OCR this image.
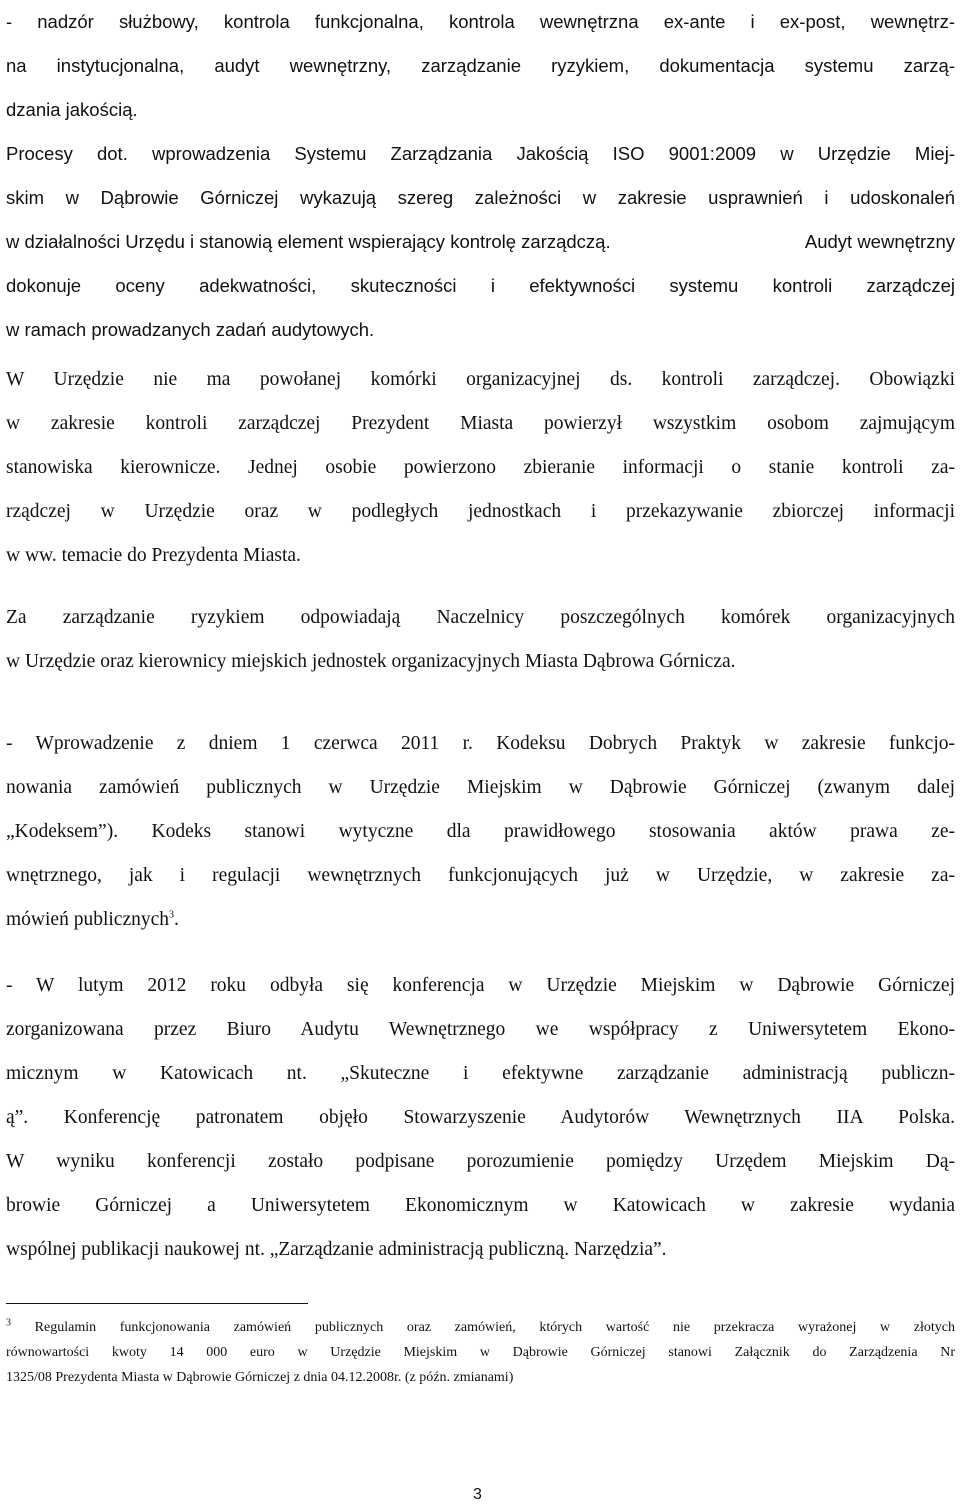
- nadzór służbowy, kontrola funkcjonalna, kontrola wewnętrzna ex-ante i ex-post, wewnętrz-
na instytucjonalna, audyt wewnętrzny, zarządzanie ryzykiem, dokumentacja systemu zarzą-
dzania jakością.
Procesy dot. wprowadzenia Systemu Zarządzania Jakością ISO 9001:2009 w Urzędzie Miej-
skim w Dąbrowie Górniczej wykazują szereg zależności w zakresie usprawnień i udoskonaleń
w działalności Urzędu i stanowią element wspierający kontrolę zarządczą.	Audyt wewnętrzny
dokonuje oceny adekwatności, skuteczności i efektywności systemu kontroli zarządczej
w ramach prowadzanych zadań audytowych.
W Urzędzie nie ma powołanej komórki organizacyjnej ds. kontroli zarządczej. Obowiązki
w zakresie kontroli zarządczej Prezydent Miasta powierzył wszystkim osobom zajmującym
stanowiska kierownicze. Jednej osobie powierzono zbieranie informacji o stanie kontroli za-
rządczej w Urzędzie oraz w podległych jednostkach i przekazywanie zbiorczej informacji
w ww. temacie do Prezydenta Miasta.
Za zarządzanie ryzykiem odpowiadają Naczelnicy poszczególnych komórek organizacyjnych
w Urzędzie oraz kierownicy miejskich jednostek organizacyjnych Miasta Dąbrowa Górnicza.
- Wprowadzenie z dniem 1 czerwca 2011 r. Kodeksu Dobrych Praktyk w zakresie funkcjo-
nowania zamówień publicznych w Urzędzie Miejskim w Dąbrowie Górniczej (zwanym dalej
„Kodeksem”). Kodeks stanowi wytyczne dla prawidłowego stosowania aktów prawa ze-
wnętrznego, jak i regulacji wewnętrznych funkcjonujących już w Urzędzie, w zakresie za-
mówień publicznych$^3$.
- W lutym 2012 roku odbyła się konferencja w Urzędzie Miejskim w Dąbrowie Górniczej
zorganizowana przez Biuro Audytu Wewnętrznego we współpracy z Uniwersytetem Ekono-
micznym w Katowicach nt. „Skuteczne i efektywne zarządzanie administracją publiczn-
ą”. Konferencję patronatem objęło Stowarzyszenie Audytorów Wewnętrznych IIA Polska.
W wyniku konferencji zostało podpisane porozumienie pomiędzy Urzędem Miejskim Dą-
browie Górniczej a Uniwersytetem Ekonomicznym w Katowicach w zakresie wydania
wspólnej publikacji naukowej nt. „Zarządzanie administracją publiczną. Narzędzia”.
$^3$ Regulamin funkcjonowania zamówień publicznych oraz zamówień, których wartość nie przekracza wyrażonej w złotych
równowartości kwoty 14 000 euro w Urzędzie Miejskim w Dąbrowie Górniczej stanowi Załącznik do Zarządzenia Nr
1325/08 Prezydenta Miasta w Dąbrowie Górniczej z dnia 04.12.2008r. (z późn. zmianami)
3
